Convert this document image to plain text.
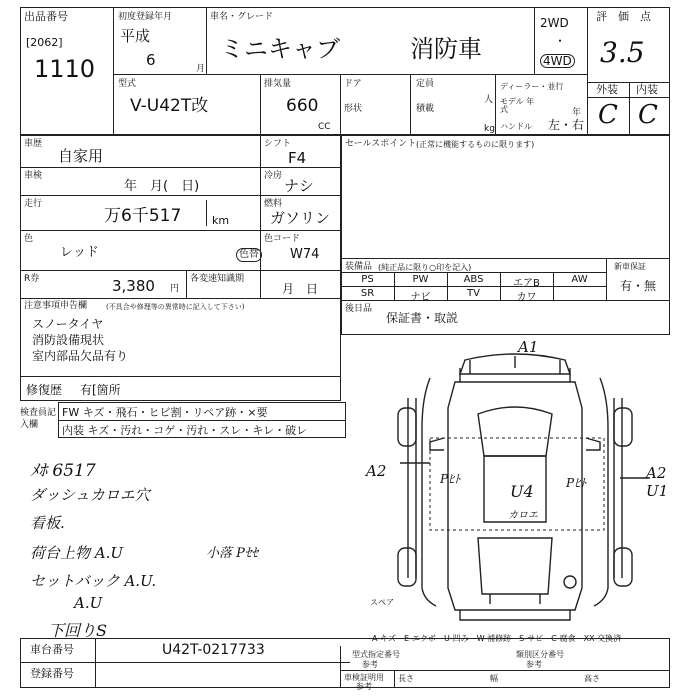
出品番号
[2062]
1110
初度登録年月
平成
6	月
車名・グレード
ミニキャブ	消防車
2WD
・
4WD
評　価　点
3.5
外装 内装
C C
型式
V-U42T改
排気量
660
CC
ドア
形状
定員
人
積載
kg
ディーラー・並行
モデル 年式	年
ハンドル 左・右
車歴
自家用
車検
年　月(　日)
走行
万6千517	km
色
レッド	色替
R券	3,380 円
各変速知識期
月　日
注意事項申告欄	(不具合や修理等の異常時に記入して下さい)
スノータイヤ
消防設備現状
室内部品欠品有り
修復歴 有[箇所
シフト
F4
冷房
ナシ
燃料
ガソリン
色コード
W74
セールスポイント (正常に機能するものに限ります)
装備品 (純正品に限り○印を記入)	新車保証
有・無
PS	PW	ABS	エアB	AW
SR	ナビ	TV	カワ
後日品
保証書・取説
検査員記入欄
FW キズ・飛石・ヒビ割・リペア跡・×要
内装 キズ・汚れ・コゲ・汚れ・スレ・キレ・破レ
ﾒﾎ 6517
ダッシュカロエ穴
看板.
荷台上物 A.U	小落 Pｾｾ
セットバック A.U.
A.U
下回りS
A1
A2	A2
U1
U4
Pﾋﾄ	Pﾋﾄ
カロエ
スペア
A-キズ　E-エクボ　U-凹み　W-補修跡　S-サビ　C-腐食　XX-交換済
車台番号	U42T-0217733
登録番号
型式指定番号
参考
類別区分番号
参考
車検証明用
参考
長さ	幅	高さ
